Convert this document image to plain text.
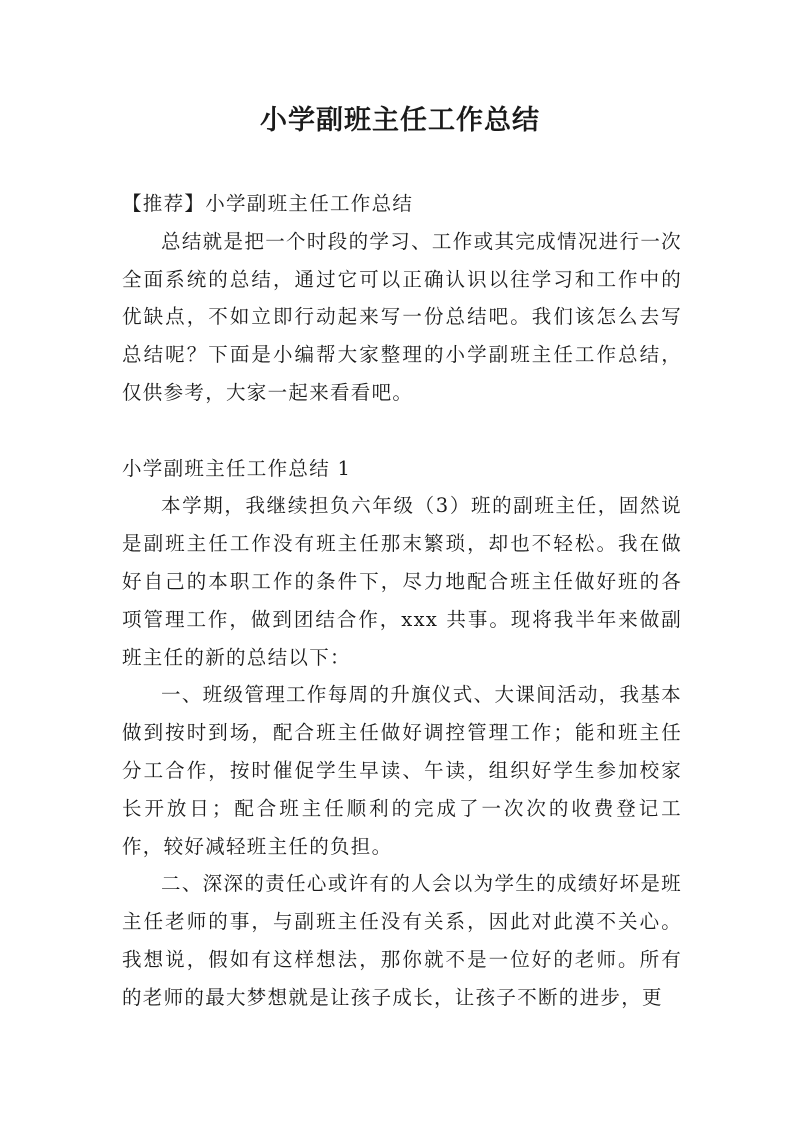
小学副班主任工作总结

【推荐】小学副班主任工作总结

总结就是把一个时段的学习、工作或其完成情况进行一次全面系统的总结，通过它可以正确认识以往学习和工作中的优缺点，不如立即行动起来写一份总结吧。我们该怎么去写总结呢？下面是小编帮大家整理的小学副班主任工作总结，仅供参考，大家一起来看看吧。

小学副班主任工作总结 1

本学期，我继续担负六年级（3）班的副班主任，固然说是副班主任工作没有班主任那末繁琐，却也不轻松。我在做好自己的本职工作的条件下，尽力地配合班主任做好班的各项管理工作，做到团结合作，xxx 共事。现将我半年来做副班主任的新的总结以下：

一、班级管理工作每周的升旗仪式、大课间活动，我基本做到按时到场，配合班主任做好调控管理工作；能和班主任分工合作，按时催促学生早读、午读，组织好学生参加校家长开放日；配合班主任顺利的完成了一次次的收费登记工作，较好减轻班主任的负担。

二、深深的责任心或许有的人会以为学生的成绩好坏是班主任老师的事，与副班主任没有关系，因此对此漠不关心。我想说，假如有这样想法，那你就不是一位好的老师。所有的老师的最大梦想就是让孩子成长，让孩子不断的进步，更
